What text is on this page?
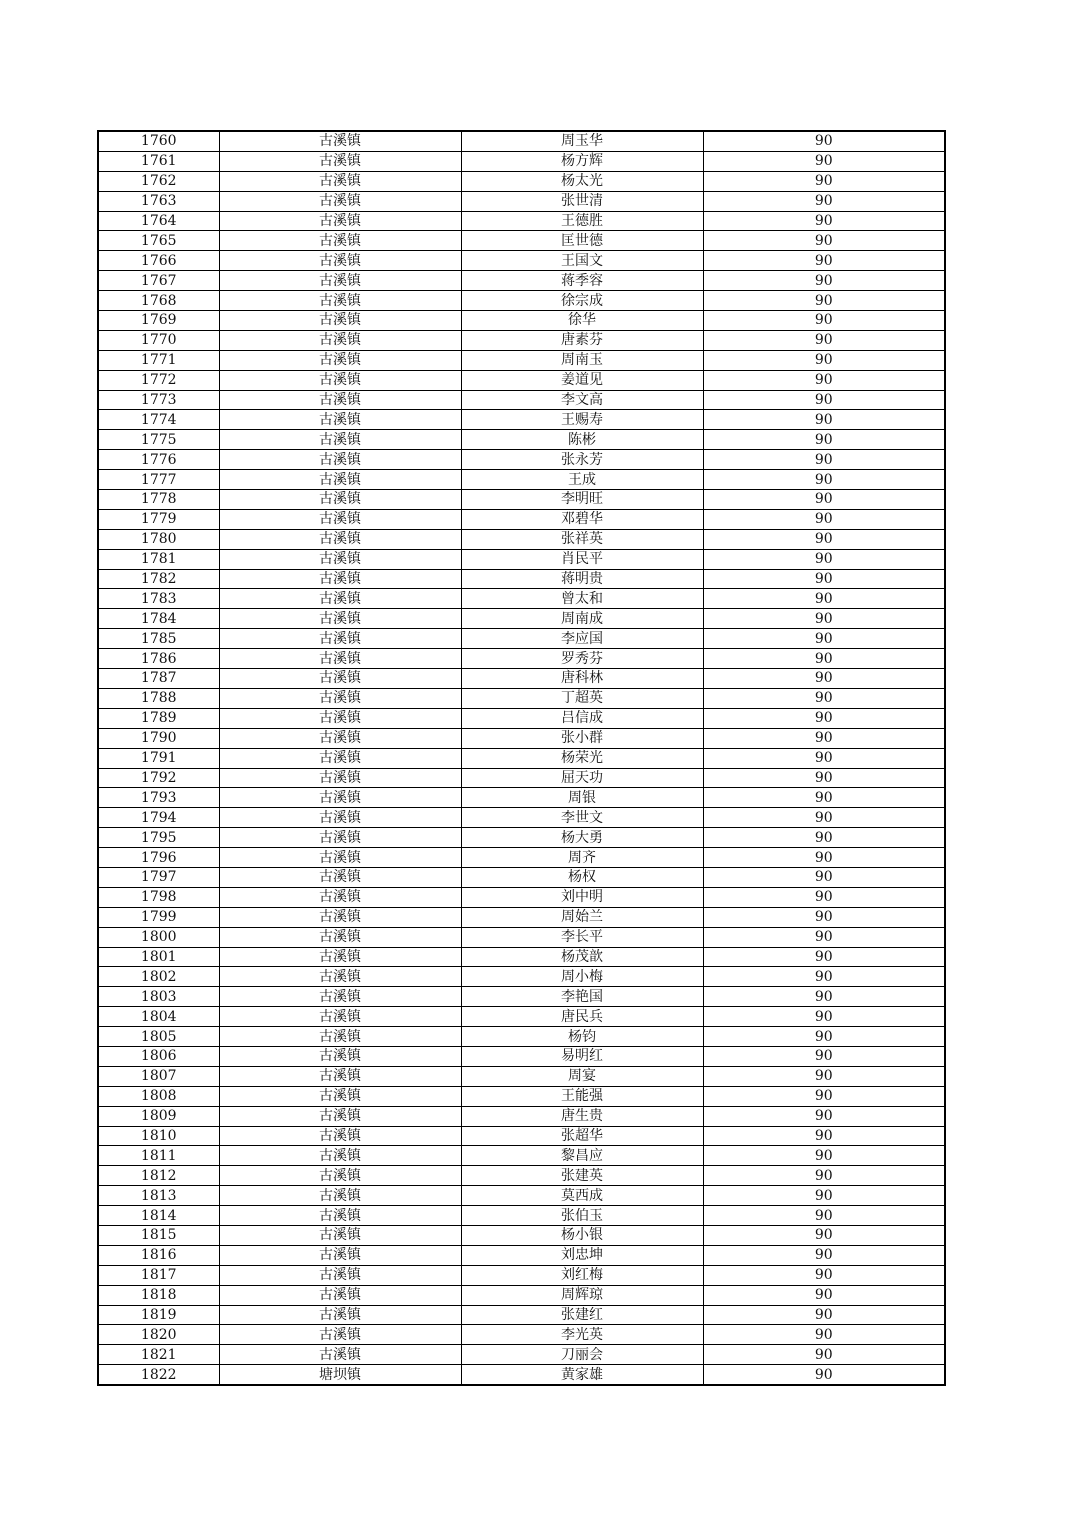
1760	古溪镇	周玉华	90
1761	古溪镇	杨方辉	90
1762	古溪镇	杨太光	90
1763	古溪镇	张世清	90
1764	古溪镇	王德胜	90
1765	古溪镇	匡世德	90
1766	古溪镇	王国文	90
1767	古溪镇	蒋季容	90
1768	古溪镇	徐宗成	90
1769	古溪镇	徐华	90
1770	古溪镇	唐素芬	90
1771	古溪镇	周南玉	90
1772	古溪镇	姜道见	90
1773	古溪镇	李文高	90
1774	古溪镇	王赐寿	90
1775	古溪镇	陈彬	90
1776	古溪镇	张永芳	90
1777	古溪镇	王成	90
1778	古溪镇	李明旺	90
1779	古溪镇	邓碧华	90
1780	古溪镇	张祥英	90
1781	古溪镇	肖民平	90
1782	古溪镇	蒋明贵	90
1783	古溪镇	曾太和	90
1784	古溪镇	周南成	90
1785	古溪镇	李应国	90
1786	古溪镇	罗秀芬	90
1787	古溪镇	唐科林	90
1788	古溪镇	丁超英	90
1789	古溪镇	吕信成	90
1790	古溪镇	张小群	90
1791	古溪镇	杨荣光	90
1792	古溪镇	屈天功	90
1793	古溪镇	周银	90
1794	古溪镇	李世文	90
1795	古溪镇	杨大勇	90
1796	古溪镇	周齐	90
1797	古溪镇	杨权	90
1798	古溪镇	刘中明	90
1799	古溪镇	周始兰	90
1800	古溪镇	李长平	90
1801	古溪镇	杨茂歆	90
1802	古溪镇	周小梅	90
1803	古溪镇	李艳国	90
1804	古溪镇	唐民兵	90
1805	古溪镇	杨钧	90
1806	古溪镇	易明红	90
1807	古溪镇	周宴	90
1808	古溪镇	王能强	90
1809	古溪镇	唐生贵	90
1810	古溪镇	张超华	90
1811	古溪镇	黎昌应	90
1812	古溪镇	张建英	90
1813	古溪镇	莫西成	90
1814	古溪镇	张伯玉	90
1815	古溪镇	杨小银	90
1816	古溪镇	刘忠坤	90
1817	古溪镇	刘红梅	90
1818	古溪镇	周辉琼	90
1819	古溪镇	张建红	90
1820	古溪镇	李光英	90
1821	古溪镇	刀丽会	90
1822	塘坝镇	黄家雄	90
